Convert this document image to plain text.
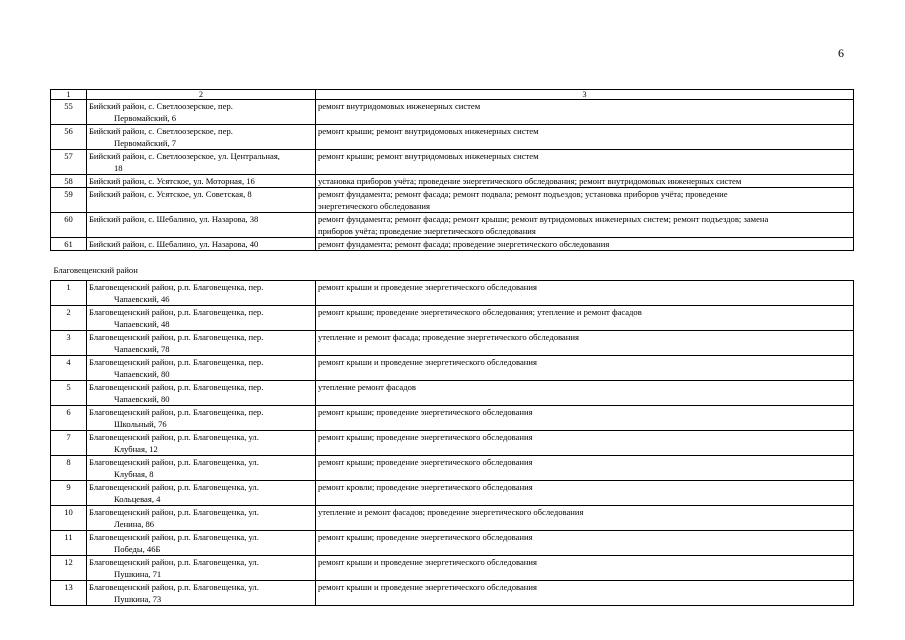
6
1	2	3
55	Бийский район, с. Светлоозерское, пер.
Первомайский, 6	ремонт внутридомовых инженерных систем

56	Бийский район, с. Светлоозерское, пер.
Первомайский, 7	ремонт крыши; ремонт внутридомовых инженерных систем

57	Бийский район, с. Светлоозерское, ул. Центральная,
18	ремонт крыши; ремонт внутридомовых инженерных систем

58	Бийский район, с. Усятское, ул. Моторная, 16	установка приборов учёта; проведение энергетического обследования; ремонт внутридомовых инженерных систем

59	Бийский район, с. Усятское, ул. Советская, 8	ремонт фундамента; ремонт фасада; ремонт подвала; ремонт подъездов; установка приборов учёта; проведение
энергетического обследования

60	Бийский район, с. Шебалино, ул. Назарова, 38	ремонт фундамента; ремонт фасада; ремонт крыши; ремонт вутридомовых инженерных систем; ремонт подъездов; замена
приборов учёта; проведение энергетического обследования

61	Бийский район, с. Шебалино, ул. Назарова, 40	ремонт фундамента; ремонт фасада; проведение энергетического обследования

Благовещенский район		
1	Благовещенский район, р.п. Благовещенка, пер.
Чапаевский, 46	ремонт крыши и проведение энергетического обследования

2	Благовещенский район, р.п. Благовещенка, пер.
Чапаевский, 48	ремонт крыши; проведение энергетического обследования; утепление и ремонт фасадов

3	Благовещенский район, р.п. Благовещенка, пер.
Чапаевский, 78	утепление и ремонт фасада; проведение энергетического обследования

4	Благовещенский район, р.п. Благовещенка, пер.
Чапаевский, 80	ремонт крыши и проведение энергетического обследования

5	Благовещенский район, р.п. Благовещенка, пер.
Чапаевский, 80	утепление ремонт фасадов

6	Благовещенский район, р.п. Благовещенка, пер.
Школьный, 76	ремонт крыши; проведение энергетического обследования

7	Благовещенский район, р.п. Благовещенка, ул.
Клубная, 12	ремонт крыши; проведение энергетического обследования

8	Благовещенский район, р.п. Благовещенка, ул.
Клубная, 8	ремонт крыши; проведение энергетического обследования

9	Благовещенский район, р.п. Благовещенка, ул.
Кольцевая, 4	ремонт кровли; проведение энергетического обследования

10	Благовещенский район, р.п. Благовещенка, ул.
Ленина, 86	утепление и ремонт фасадов; проведение энергетического обследования

11	Благовещенский район, р.п. Благовещенка, ул.
Победы, 46Б	ремонт крыши; проведение энергетического обследования

12	Благовещенский район, р.п. Благовещенка, ул.
Пушкина, 71	ремонт крыши и проведение энергетического обследования

13	Благовещенский район, р.п. Благовещенка, ул.
Пушкина, 73	ремонт крыши и проведение энергетического обследования
